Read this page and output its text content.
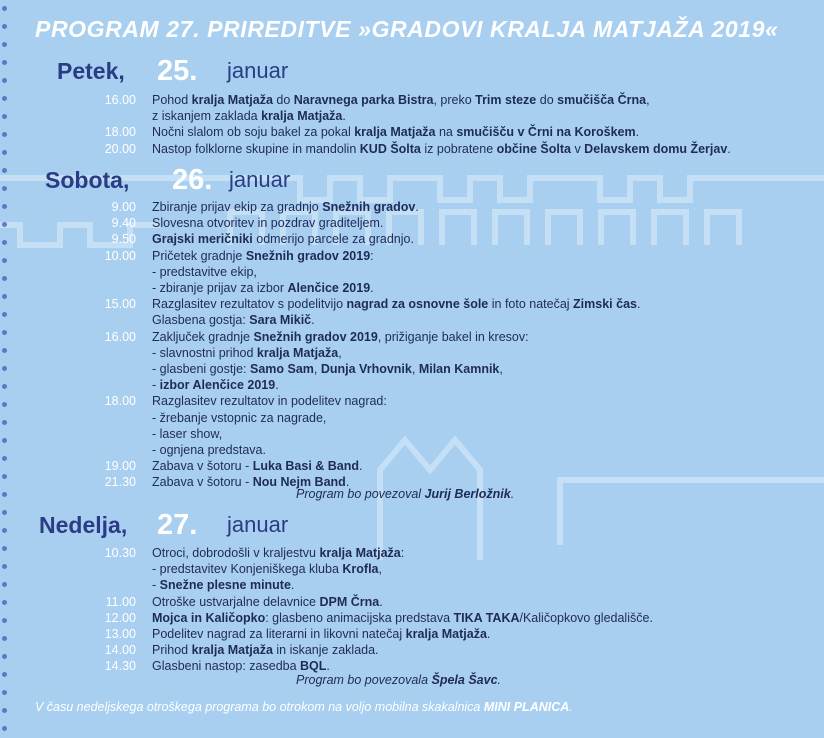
PROGRAM 27. PRIREDITVE »GRADOVI KRALJA MATJAŽA 2019«
Petek, 25. januar
16.00 Pohod kralja Matjaža do Naravnega parka Bistra, preko Trim steze do smučišča Črna,
z iskanjem zaklada kralja Matjaža.
18.00 Nočni slalom ob soju bakel za pokal kralja Matjaža na smučišču v Črni na Koroškem.
20.00 Nastop folklorne skupine in mandolin KUD Šolta iz pobratene občine Šolta v Delavskem domu Žerjav.
Sobota, 26. januar
9.00 Zbiranje prijav ekip za gradnjo Snežnih gradov.
9.40 Slovesna otvoritev in pozdrav graditeljem.
9.50 Grajski meričniki odmerijo parcele za gradnjo.
10.00 Pričetek gradnje Snežnih gradov 2019:
- predstavitve ekip,
- zbiranje prijav za izbor Alenčice 2019.
15.00 Razglasitev rezultatov s podelitvijo nagrad za osnovne šole in foto natečaj Zimski čas.
Glasbena gostja: Sara Mikič.
16.00 Zaključek gradnje Snežnih gradov 2019, prižiganje bakel in kresov:
- slavnostni prihod kralja Matjaža,
- glasbeni gostje: Samo Sam, Dunja Vrhovnik, Milan Kamnik,
- izbor Alenčice 2019.
18.00 Razglasitev rezultatov in podelitev nagrad:
- žrebanje vstopnic za nagrade,
- laser show,
- ognjena predstava.
19.00 Zabava v šotoru - Luka Basi & Band.
21.30 Zabava v šotoru - Nou Nejm Band.
Program bo povezoval Jurij Berložnik.
Nedelja, 27. januar
10.30 Otroci, dobrodošli v kraljestvu kralja Matjaža:
- predstavitev Konjeniškega kluba Krofla,
- Snežne plesne minute.
11.00 Otroške ustvarjalne delavnice DPM Črna.
12.00 Mojca in Kaličopko: glasbeno animacijska predstava TIKA TAKA/Kaličopkovo gledališče.
13.00 Podelitev nagrad za literarni in likovni natečaj kralja Matjaža.
14.00 Prihod kralja Matjaža in iskanje zaklada.
14.30 Glasbeni nastop: zasedba BQL.
Program bo povezovala Špela Šavc.
V času nedeljskega otroškega programa bo otrokom na voljo mobilna skakalnica MINI PLANICA.
